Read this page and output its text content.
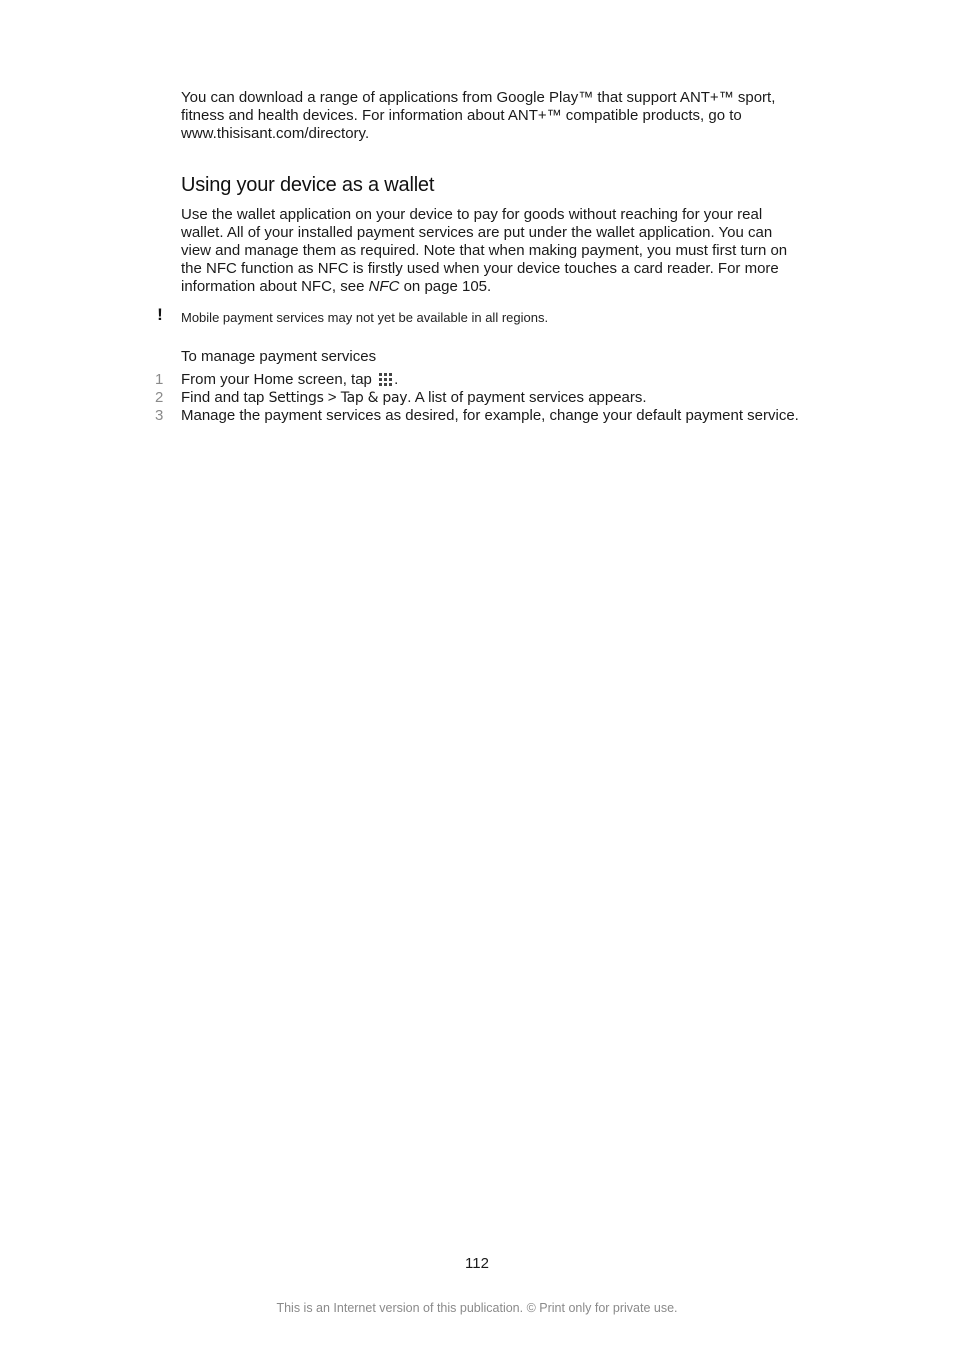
You can download a range of applications from Google Play™ that support ANT+™ sport, fitness and health devices. For information about ANT+™ compatible products, go to www.thisisant.com/directory.
Using your device as a wallet
Use the wallet application on your device to pay for goods without reaching for your real wallet. All of your installed payment services are put under the wallet application. You can view and manage them as required. Note that when making payment, you must first turn on the NFC function as NFC is firstly used when your device touches a card reader. For more information about NFC, see NFC on page 105.
! Mobile payment services may not yet be available in all regions.
To manage payment services
1	From your Home screen, tap .
2	Find and tap Settings > Tap & pay. A list of payment services appears.
3	Manage the payment services as desired, for example, change your default payment service.
112
This is an Internet version of this publication. © Print only for private use.
